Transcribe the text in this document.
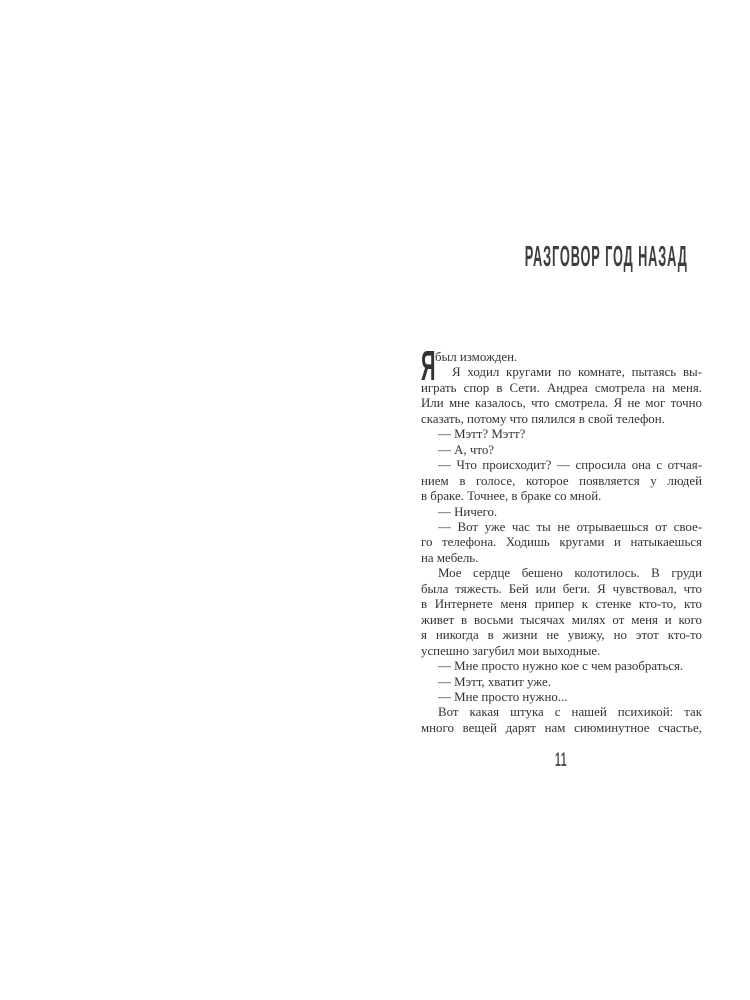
РАЗГОВОР ГОД НАЗАД
Я был изможден.
Я ходил кругами по комнате, пытаясь вы-
играть спор в Сети. Андреа смотрела на меня.
Или мне казалось, что смотрела. Я не мог точно
сказать, потому что пялился в свой телефон.
— Мэтт? Мэтт?
— А, что?
— Что происходит? — спросила она с отчая-
нием в голосе, которое появляется у людей
в браке. Точнее, в браке со мной.
— Ничего.
— Вот уже час ты не отрываешься от свое-
го телефона. Ходишь кругами и натыкаешься
на мебель.
Мое сердце бешено колотилось. В груди
была тяжесть. Бей или беги. Я чувствовал, что
в Интернете меня припер к стенке кто-то, кто
живет в восьми тысячах милях от меня и кого
я никогда в жизни не увижу, но этот кто-то
успешно загубил мои выходные.
— Мне просто нужно кое с чем разобраться.
— Мэтт, хватит уже.
— Мне просто нужно...
Вот какая штука с нашей психикой: так
много вещей дарят нам сиюминутное счастье,
11
